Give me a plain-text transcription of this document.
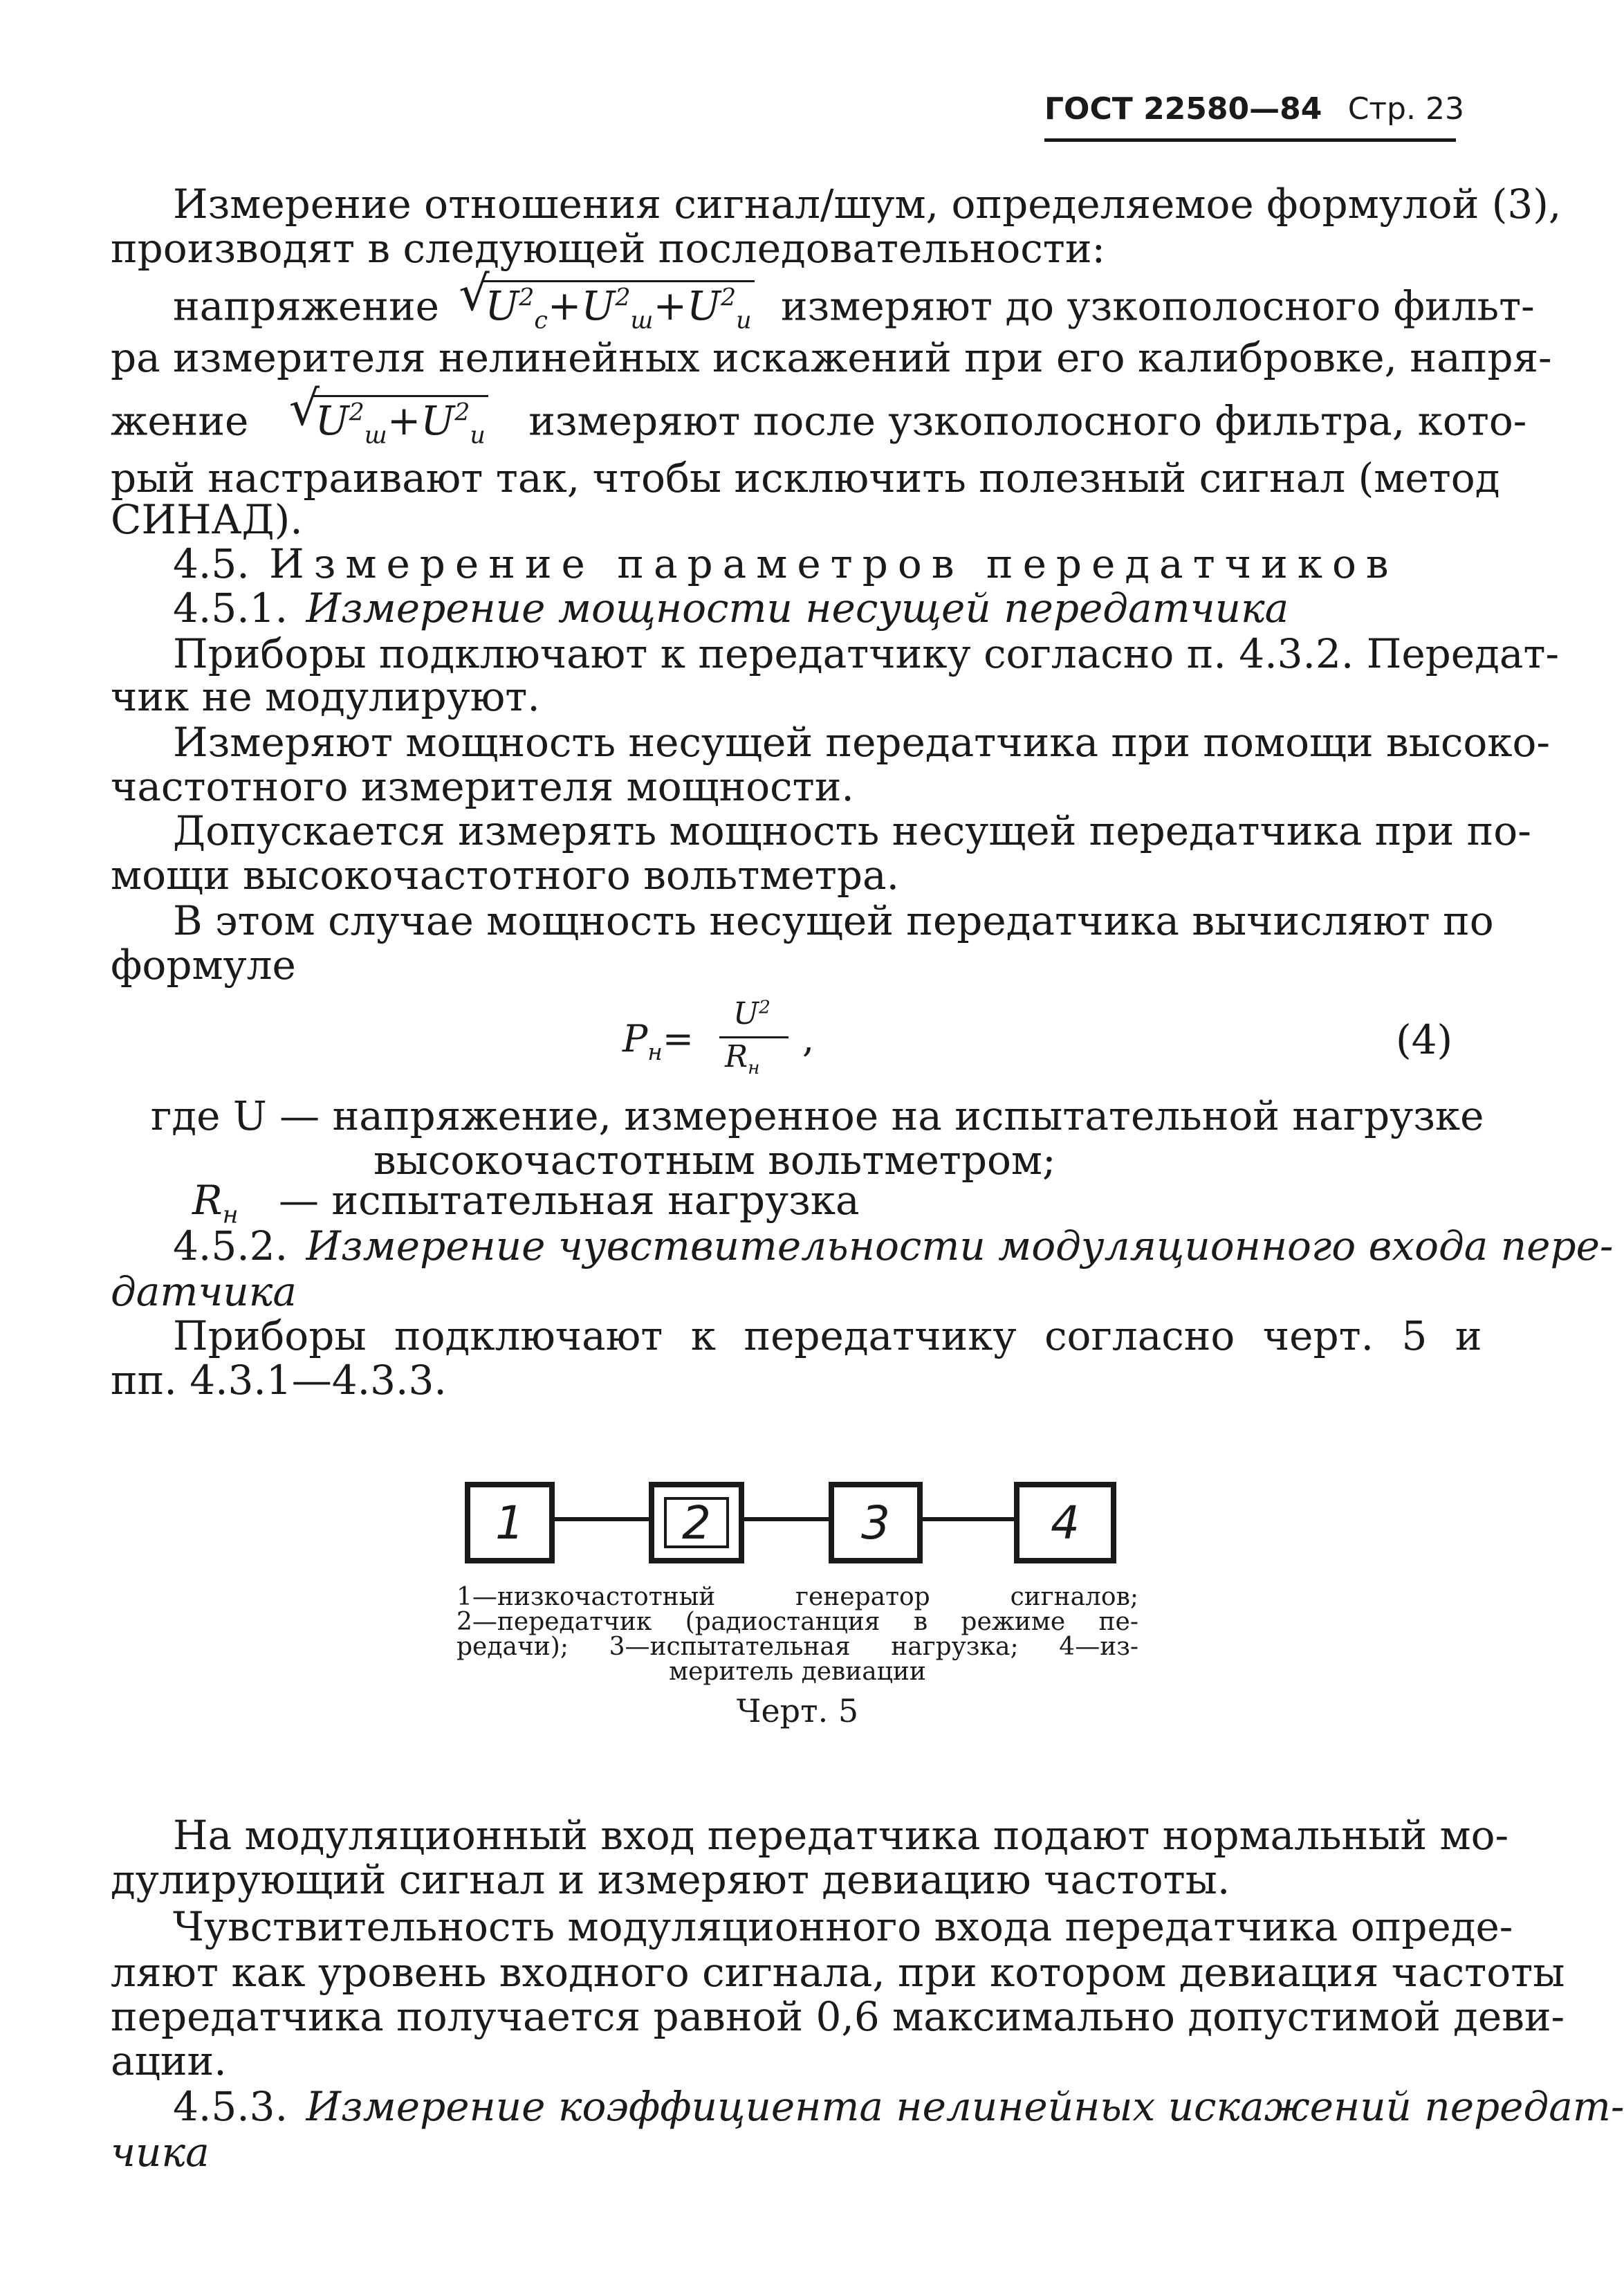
ГОСТ 22580—84 Стр. 23
Измерение отношения сигнал/шум, определяемое формулой (3),
производят в следующей последовательности:
напряжение √ $U^2_с+U^2_ш+U^2_и$ измеряют до узкополосного фильт-
ра измерителя нелинейных искажений при его калибровке, напря-
жение √ $U^2_ш+U^2_и$ измеряют после узкополосного фильтра, кото-
рый настраивают так, чтобы исключить полезный сигнал (метод
СИНАД).
4.5. Измерение параметров передатчиков
4.5.1. Измерение мощности несущей передатчика
Приборы подключают к передатчику согласно п. 4.3.2. Передат-
чик не модулируют.
Измеряют мощность несущей передатчика при помощи высоко-
частотного измерителя мощности.
Допускается измерять мощность несущей передатчика при по-
мощи высокочастотного вольтметра.
В этом случае мощность несущей передатчика вычисляют по
формуле
$P_н=$
$U^2$
$R_н$
,	(4)
где U — напряжение, измеренное на испытательной нагрузке
высокочастотным вольтметром;
$R_н$ — испытательная нагрузка
4.5.2. Измерение чувствительности модуляционного входа пере-
датчика
Приборы подключают к передатчику согласно черт. 5 и
пп. 4.3.1—4.3.3.
1	2	3	4
1—низкочастотный генератор сигналов;
2—передатчик (радиостанция в режиме пе-
редачи); 3—испытательная нагрузка; 4—из-
меритель девиации
Черт. 5
На модуляционный вход передатчика подают нормальный мо-
дулирующий сигнал и измеряют девиацию частоты.
Чувствительность модуляционного входа передатчика опреде-
ляют как уровень входного сигнала, при котором девиация частоты
передатчика получается равной 0,6 максимально допустимой деви-
ации.
4.5.3. Измерение коэффициента нелинейных искажений передат-
чика
